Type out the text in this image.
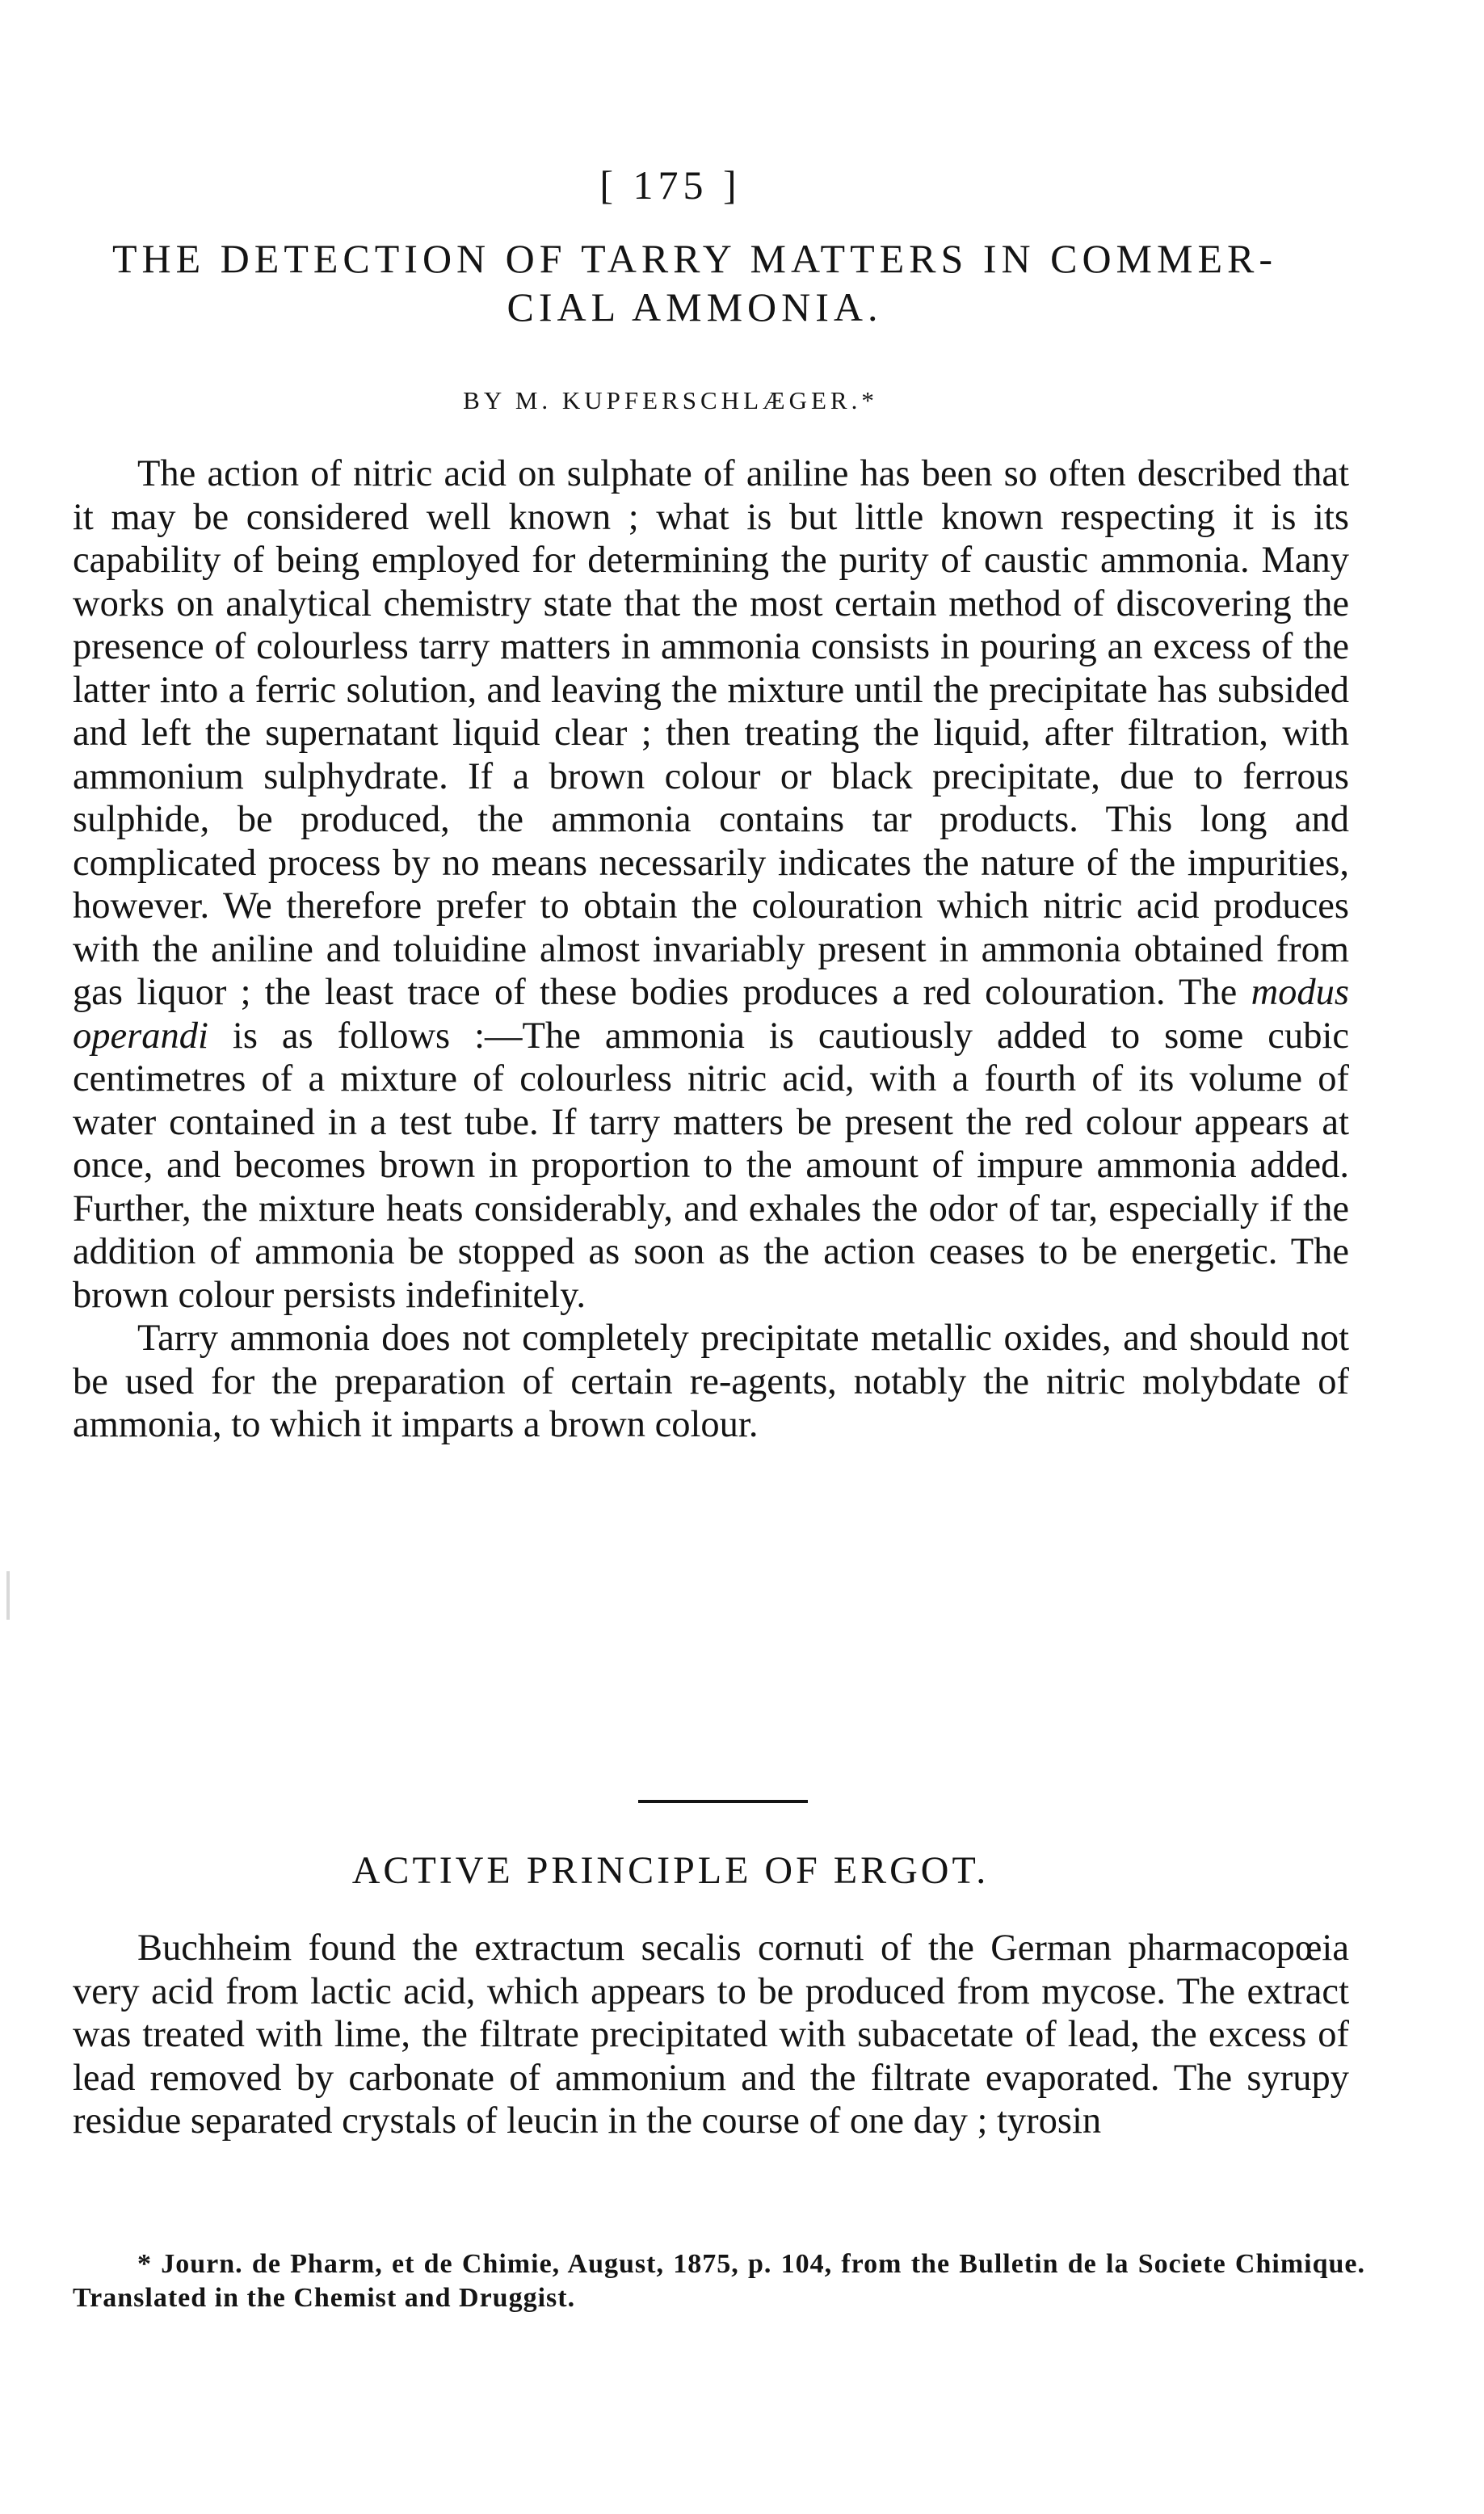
[ 175 ]
THE DETECTION OF TARRY MATTERS IN COMMER-
CIAL AMMONIA.
BY M. KUPFERSCHLÆGER.*

The action of nitric acid on sulphate of aniline has been so often described that it may be considered well known ; what is but little known respecting it is its capability of being employed for determining the purity of caustic ammonia. Many works on analytical chemistry state that the most certain method of discovering the presence of colourless tarry matters in ammonia consists in pouring an excess of the latter into a ferric solution, and leaving the mixture until the precipitate has subsided and left the supernatant liquid clear ; then treating the liquid, after filtration, with ammonium sulphydrate. If a brown colour or black precipitate, due to ferrous sulphide, be produced, the ammonia contains tar products. This long and complicated process by no means necessarily indicates the nature of the impurities, however. We therefore prefer to obtain the colouration which nitric acid produces with the aniline and toluidine almost invariably present in ammonia obtained from gas liquor ; the least trace of these bodies produces a red colouration. The modus operandi is as follows :—The ammonia is cautiously added to some cubic centimetres of a mixture of colourless nitric acid, with a fourth of its volume of water contained in a test tube. If tarry matters be present the red colour appears at once, and becomes brown in proportion to the amount of impure ammonia added. Further, the mixture heats considerably, and exhales the odor of tar, especially if the addition of ammonia be stopped as soon as the action ceases to be energetic. The brown colour persists indefinitely.

Tarry ammonia does not completely precipitate metallic oxides, and should not be used for the preparation of certain re-agents, notably the nitric molybdate of ammonia, to which it imparts a brown colour.

ACTIVE PRINCIPLE OF ERGOT.

Buchheim found the extractum secalis cornuti of the German pharmacopœia very acid from lactic acid, which appears to be produced from mycose. The extract was treated with lime, the filtrate precipitated with subacetate of lead, the excess of lead removed by carbonate of ammonium and the filtrate evaporated. The syrupy residue separated crystals of leucin in the course of one day ; tyrosin

* Journ. de Pharm, et de Chimie, August, 1875, p. 104, from the Bulletin de la Societe Chimique. Translated in the Chemist and Druggist.
